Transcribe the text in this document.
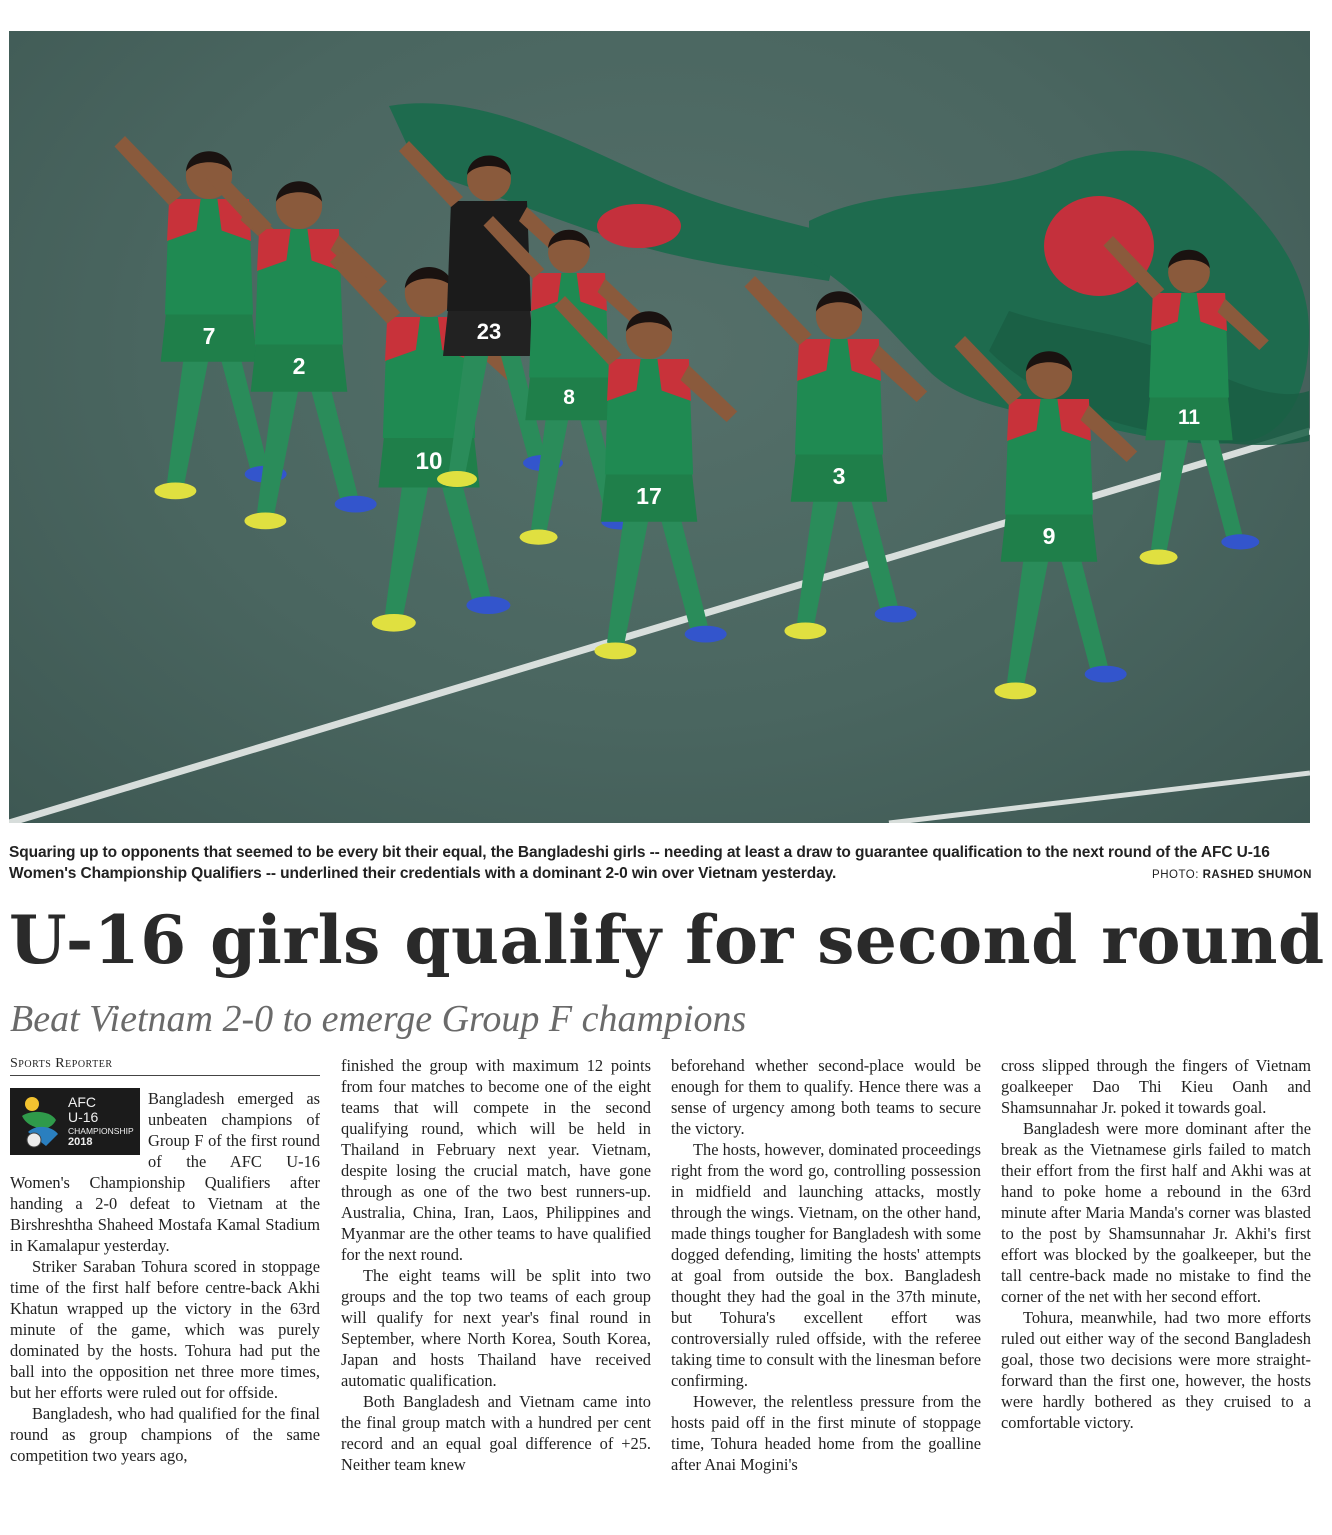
7
2
10
23
8
17
3
9
11
Squaring up to opponents that seemed to be every bit their equal, the Bangladeshi girls -- needing at least a draw to guarantee qualification to the next round of the AFC U-16 Women's Championship Qualifiers -- underlined their credentials with a dominant 2-0 win over Vietnam yesterday.	PHOTO: RASHED SHUMON
U-16 girls qualify for second round
Beat Vietnam 2-0 to emerge Group F champions
Sports Reporter
AFC
U-16
CHAMPIONSHIP
2018

Bangladesh emerged as unbeaten champions of Group F of the first round of the AFC U-16 Women's Championship Qualifiers after handing a 2-0 defeat to Vietnam at the Birshreshtha Shaheed Mostafa Kamal Stadium in Kamalapur yesterday.

Striker Saraban Tohura scored in stoppage time of the first half before centre-back Akhi Khatun wrapped up the victory in the 63rd minute of the game, which was purely dominated by the hosts. Tohura had put the ball into the opposition net three more times, but her efforts were ruled out for offside.

Bangladesh, who had qualified for the final round as group champions of the same competition two years ago,

finished the group with maximum 12 points from four matches to become one of the eight teams that will compete in the second qualifying round, which will be held in Thailand in February next year. Vietnam, despite losing the crucial match, have gone through as one of the two best runners-up. Australia, China, Iran, Laos, Philippines and Myanmar are the other teams to have qualified for the next round.

The eight teams will be split into two groups and the top two teams of each group will qualify for next year's final round in September, where North Korea, South Korea, Japan and hosts Thailand have received automatic qualification.

Both Bangladesh and Vietnam came into the final group match with a hundred per cent record and an equal goal difference of +25. Neither team knew

beforehand whether second-place would be enough for them to qualify. Hence there was a sense of urgency among both teams to secure the victory.

The hosts, however, dominated proceedings right from the word go, controlling possession in midfield and launching attacks, mostly through the wings. Vietnam, on the other hand, made things tougher for Bangladesh with some dogged defending, limiting the hosts' attempts at goal from outside the box. Bangladesh thought they had the goal in the 37th minute, but Tohura's excellent effort was controversially ruled offside, with the referee taking time to consult with the linesman before confirming.

However, the relentless pressure from the hosts paid off in the first minute of stoppage time, Tohura headed home from the goalline after Anai Mogini's

cross slipped through the fingers of Vietnam goalkeeper Dao Thi Kieu Oanh and Shamsunnahar Jr. poked it towards goal.

Bangladesh were more dominant after the break as the Vietnamese girls failed to match their effort from the first half and Akhi was at hand to poke home a rebound in the 63rd minute after Maria Manda's corner was blasted to the post by Shamsunnahar Jr. Akhi's first effort was blocked by the goalkeeper, but the tall centre-back made no mistake to find the corner of the net with her second effort.

Tohura, meanwhile, had two more efforts ruled out either way of the second Bangladesh goal, those two decisions were more straight-forward than the first one, however, the hosts were hardly bothered as they cruised to a comfortable victory.
